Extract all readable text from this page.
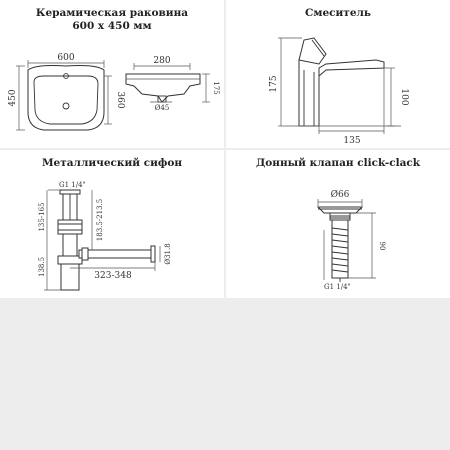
Керамическая раковина
600 х 450 мм
600
450	360
280
175
Ø45
Смеситель
175
100
135
Металлический сифон
G1 1/4"
135-165
138.5
183.5-213.5
Ø31.8
323-348
Донный клапан click-clack
Ø66
90
G1 1/4"
